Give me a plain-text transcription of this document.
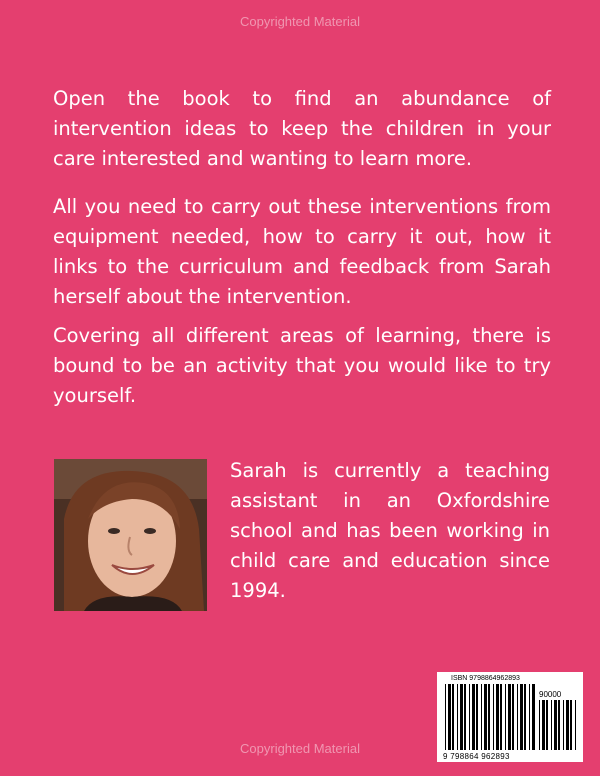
Copyrighted Material
Open the book to find an abundance of intervention ideas to keep the children in your care interested and wanting to learn more.
All you need to carry out these interventions from equipment needed, how to carry it out, how it links to the curriculum and feedback from Sarah herself about the intervention.
Covering all different areas of learning, there is bound to be an activity that you would like to try yourself.
Sarah is currently a teaching assistant in an Oxfordshire school and has been working in child care and education since 1994.
ISBN 9798864962893
90000
9 798864 962893
Copyrighted Material
